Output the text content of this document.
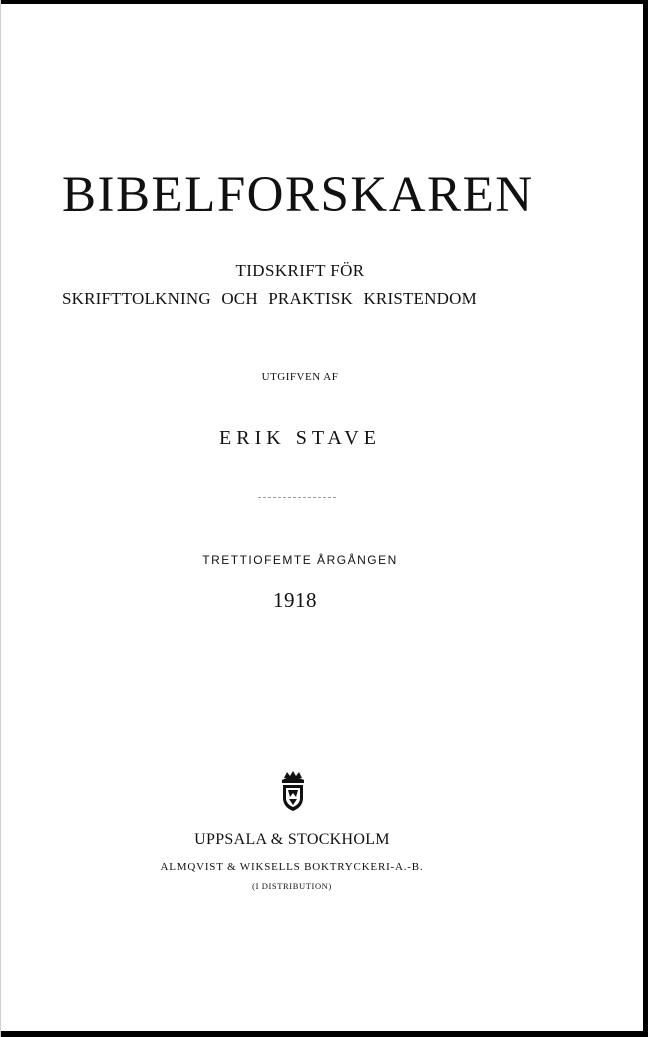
BIBELFORSKAREN
TIDSKRIFT FÖR
SKRIFTTOLKNING OCH PRAKTISK KRISTENDOM
UTGIFVEN AF
ERIK STAVE
TRETTIOFEMTE ÅRGÅNGEN
1918
UPPSALA & STOCKHOLM
ALMQVIST & WIKSELLS BOKTRYCKERI-A.-B.
(I DISTRIBUTION)
